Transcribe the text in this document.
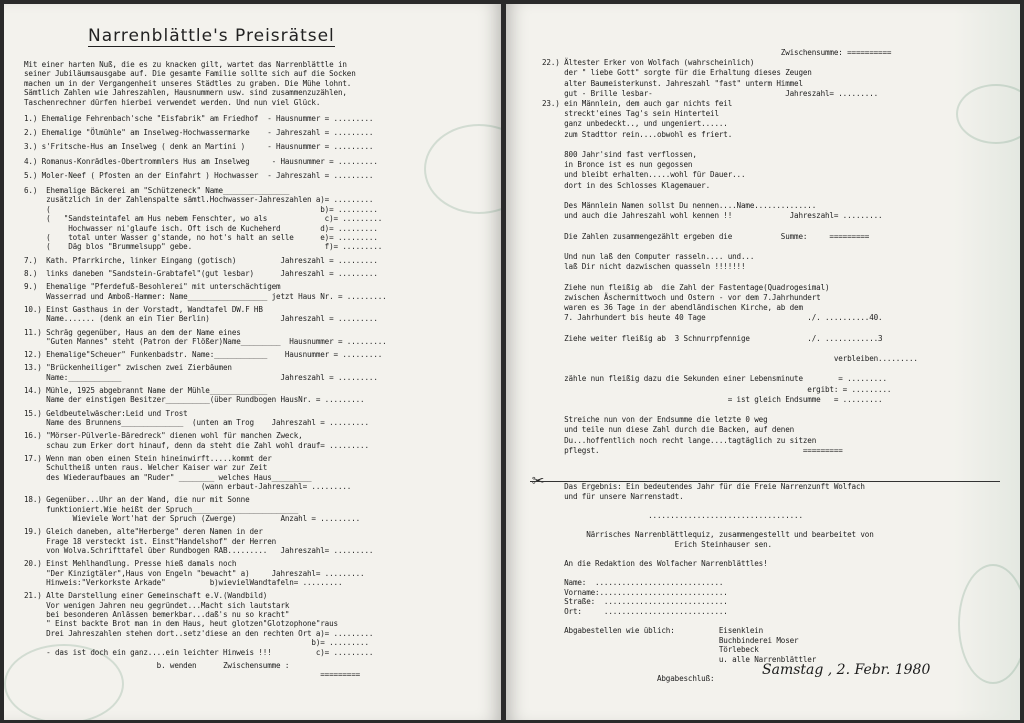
Narrenblättle's Preisrätsel
Mit einer harten Nuß, die es zu knacken gilt, wartet das Narrenblättle in
seiner Jubiläumsausgabe auf. Die gesamte Familie sollte sich auf die Socken
machen um in der Vergangenheit unseres Städtles zu graben. Die Mühe lohnt.
Sämtlich Zahlen wie Jahreszahlen, Hausnummern usw. sind zusammenzuzählen,
Taschenrechner dürfen hierbei verwendet werden. Und nun viel Glück.
1.) Ehemalige Fehrenbach'sche "Eisfabrik" am Friedhof  - Hausnummer = .........
2.) Ehemalige "Ölmühle" am Inselweg-Hochwassermarke    - Jahreszahl = .........
3.) s'Fritsche-Hus am Inselweg ( denk an Martini )     - Hausnummer = .........
4.) Romanus-Konrädles-Obertrommlers Hus am Inselweg     - Hausnummer = .........
5.) Moler-Neef ( Pfosten an der Einfahrt ) Hochwasser  - Jahreszahl = .........
6.)  Ehemalige Bäckerei am "Schützeneck" Name_______________
zusätzlich in der Zahlenspalte sämtl.Hochwasser-Jahreszahlen a)= .........
(                                                             b)= .........
(   "Sandsteintafel am Hus nebem Fenschter, wo als             c)= .........
Hochwasser ni'glaufe isch. Oft isch de Kucheherd         d)= .........
(    total unter Wasser g'stande, no hot's halt an selle      e)= .........
(    Däg blos "Brummelsupp" gebe.                              f)= .........
7.)  Kath. Pfarrkirche, linker Eingang (gotisch)          Jahreszahl = .........
8.)  links daneben "Sandstein-Grabtafel"(gut lesbar)      Jahreszahl = .........
9.)  Ehemalige "Pferdefuß-Besohlerei" mit unterschächtigem
Wasserrad und Amboß-Hammer: Name__________________ jetzt Haus Nr. = .........
10.) Einst Gasthaus in der Vorstadt, Wandtafel DW.F HB
Name....... (denk an ein Tier Berlin)                Jahreszahl = .........
11.) Schräg gegenüber, Haus an dem der Name eines
"Guten Mannes" steht (Patron der Flößer)Name_________  Hausnummer = .........
12.) Ehemalige"Scheuer" Funkenbadstr. Name:____________    Hausnummer = .........
13.) "Brückenheiliger" zwischen zwei Zierbäumen
Name:____________                                    Jahreszahl = .........
14.) Mühle, 1925 abgebrannt Name der Mühle_____________
Name der einstigen Besitzer__________(über Rundbogen HausNr. = .........
15.) Geldbeutelwäscher:Leid und Trost
Name des Brunnens______________  (unten am Trog    Jahreszahl = .........
16.) "Mörser-Pülverle-Bäredreck" dienen wohl für manchen Zweck,
schau zum Erker dort hinauf, denn da steht die Zahl wohl drauf= .........
17.) Wenn man oben einen Stein hineinwirft.....kommt der
Schultheiß unten raus. Welcher Kaiser war zur Zeit
des Wiederaufbaues am "Ruder" ________ welches Haus_________
(wann erbaut-Jahreszahl= .........
18.) Gegenüber...Uhr an der Wand, die nur mit Sonne
funktioniert.Wie heißt der Spruch________________________
Wieviele Wort'hat der Spruch (Zwerge)          Anzahl = .........
19.) Gleich daneben, alte"Herberge" deren Namen in der
Frage 18 versteckt ist. Einst"Handelshof" der Herren
von Wolva.Schrifttafel über Rundbogen RAB.........   Jahreszahl= .........
20.) Einst Mehlhandlung. Presse hieß damals noch
"Der Kinzigtäler",Haus von Engeln "bewacht" a)     Jahreszahl= .........
Hinweis:"Verkorkste Arkade"          b)wievielWandtafeln= .........
21.) Alte Darstellung einer Gemeinschaft e.V.(Wandbild)
Vor wenigen Jahren neu gegründet...Macht sich lautstark
bei besonderen Anlässen bemerkbar...daß's nu so kracht"
" Einst backte Brot man in dem Haus, heut glotzen"Glotzophone"raus
Drei Jahreszahlen stehen dort..setz'diese an den rechten Ort a)= .........
b)= .........
- das ist doch ein ganz....ein leichter Hinweis !!!          c)= .........
b. wenden      Zwischensumme :
=========
Zwischensumme: ==========
22.) Ältester Erker von Wolfach (wahrscheinlich)
der " liebe Gott" sorgte für die Erhaltung dieses Zeugen
alter Baumeisterkunst. Jahreszahl "fast" unterm Himmel
gut - Brille lesbar-                              Jahreszahl= .........
23.) ein Männlein, dem auch gar nichts feil
streckt'eines Tag's sein Hinterteil
ganz unbedeckt.., und ungeniert......
zum Stadttor rein....obwohl es friert.
800 Jahr'sind fast verflossen,
in Bronce ist es nun gegossen
und bleibt erhalten.....wohl für Dauer...
dort in des Schlosses Klagemauer.
Des Männlein Namen sollst Du nennen....Name..............
und auch die Jahreszahl wohl kennen !!             Jahreszahl= .........
Die Zahlen zusammengezählt ergeben die           Summe:     =========
Und nun laß den Computer rasseln.... und...
laß Dir nicht dazwischen quasseln !!!!!!!
Ziehe nun fleißig ab  die Zahl der Fastentage(Quadrogesimal)
zwischen Äschermittwoch und Ostern - vor dem 7.Jahrhundert
waren es 36 Tage in der abendländischen Kirche, ab dem
7. Jahrhundert bis heute 40 Tage                       ./. ..........40.
Ziehe weiter fleißig ab  3 Schnurrpfennige             ./. ............3
verbleiben.........
zähle nun fleißig dazu die Sekunden einer Lebensminute        = .........
ergibt: = .........
= ist gleich Endsumme   = .........
Streiche nun von der Endsumme die letzte 0 weg
und teile nun diese Zahl durch die Backen, auf denen
Du...hoffentlich noch recht lange....tagtäglich zu sitzen
pflegst.                                              =========
✂
Das Ergebnis: Ein bedeutendes Jahr für die Freie Narrenzunft Wolfach
und für unsere Narrenstadt.
...................................
Närrisches Narrenblättlequiz, zusammengestellt und bearbeitet von
Erich Steinhauser sen.
An die Redaktion des Wolfacher Narrenblättles!
Name:  .............................
Vorname:.............................
Straße:  ............................
Ort:     ............................
Abgabestellen wie üblich:          Eisenklein
Buchbinderei Moser
Törlebeck
u. alle Narrenblättler
Abgabeschluß:
Samstag , 2. Febr. 1980
